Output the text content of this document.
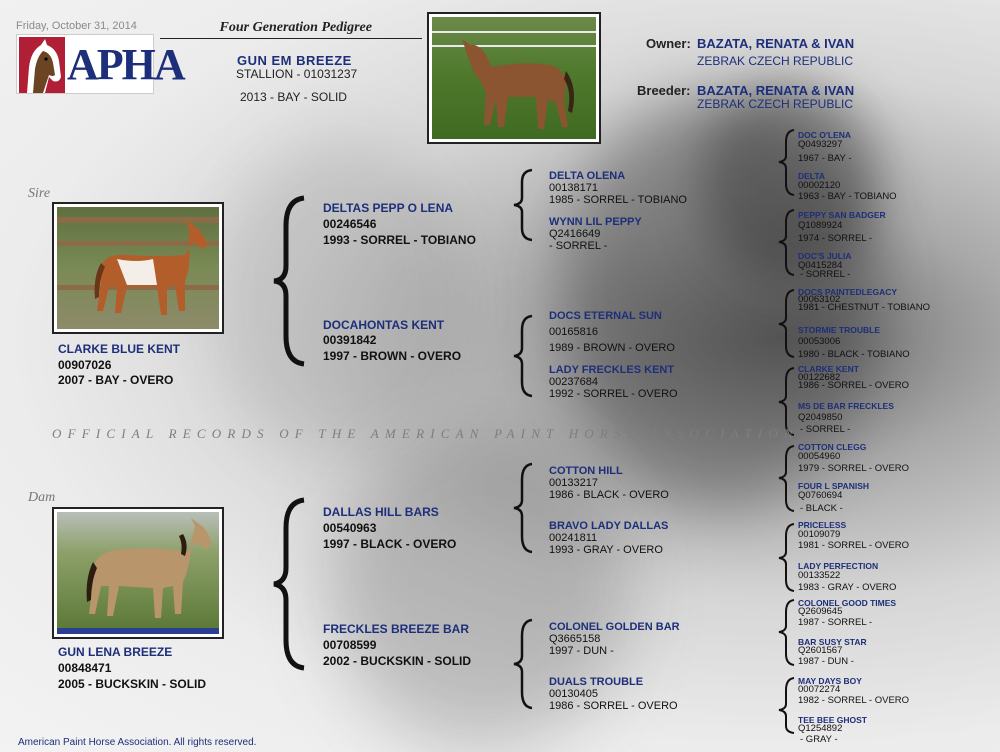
Friday, October 31, 2014
APHA
Four Generation Pedigree
GUN EM BREEZE
STALLION - 01031237
2013 - BAY - SOLID
Owner: BAZATA, RENATA & IVAN
ZEBRAK CZECH REPUBLIC
Breeder: BAZATA, RENATA & IVAN
ZEBRAK CZECH REPUBLIC
Sire
Dam
CLARKE BLUE KENT
00907026
2007 - BAY - OVERO
GUN LENA BREEZE
00848471
2005 - BUCKSKIN - SOLID
DELTAS PEPP O LENA
00246546
1993 - SORREL - TOBIANO
DOCAHONTAS KENT
00391842
1997 - BROWN - OVERO
DALLAS HILL BARS
00540963
1997 - BLACK - OVERO
FRECKLES BREEZE BAR
00708599
2002 - BUCKSKIN - SOLID
DELTA OLENA
00138171
1985 - SORREL - TOBIANO
WYNN LIL PEPPY
Q2416649
- SORREL -
DOCS ETERNAL SUN
00165816
1989 - BROWN - OVERO
LADY FRECKLES KENT
00237684
1992 - SORREL - OVERO
COTTON HILL
00133217
1986 - BLACK - OVERO
BRAVO LADY DALLAS
00241811
1993 - GRAY - OVERO
COLONEL GOLDEN BAR
Q3665158
1997 - DUN -
DUALS TROUBLE
00130405
1986 - SORREL - OVERO
DOC O'LENA
Q0493297
1967 - BAY -
DELTA
00002120
1963 - BAY - TOBIANO
PEPPY SAN BADGER
Q1089924
1974 - SORREL -
DOC'S JULIA
Q0415284
- SORREL -
DOCS PAINTEDLEGACY
00063102
1981 - CHESTNUT - TOBIANO
STORMIE TROUBLE
00053006
1980 - BLACK - TOBIANO
CLARKE KENT
00122682
1986 - SORREL - OVERO
MS DE BAR FRECKLES
Q2049850
- SORREL -
COTTON CLEGG
00054960
1979 - SORREL - OVERO
FOUR L SPANISH
Q0760694
- BLACK -
PRICELESS
00109079
1981 - SORREL - OVERO
LADY PERFECTION
00133522
1983 - GRAY - OVERO
COLONEL GOOD TIMES
Q2609645
1987 - SORREL -
BAR SUSY STAR
Q2601567
1987 - DUN -
MAY DAYS BOY
00072274
1982 - SORREL - OVERO
TEE BEE GHOST
Q1254892
- GRAY -
OFFICIAL RECORDS OF THE AMERICAN PAINT HORSE ASSOCIATION
American Paint Horse Association. All rights reserved.
